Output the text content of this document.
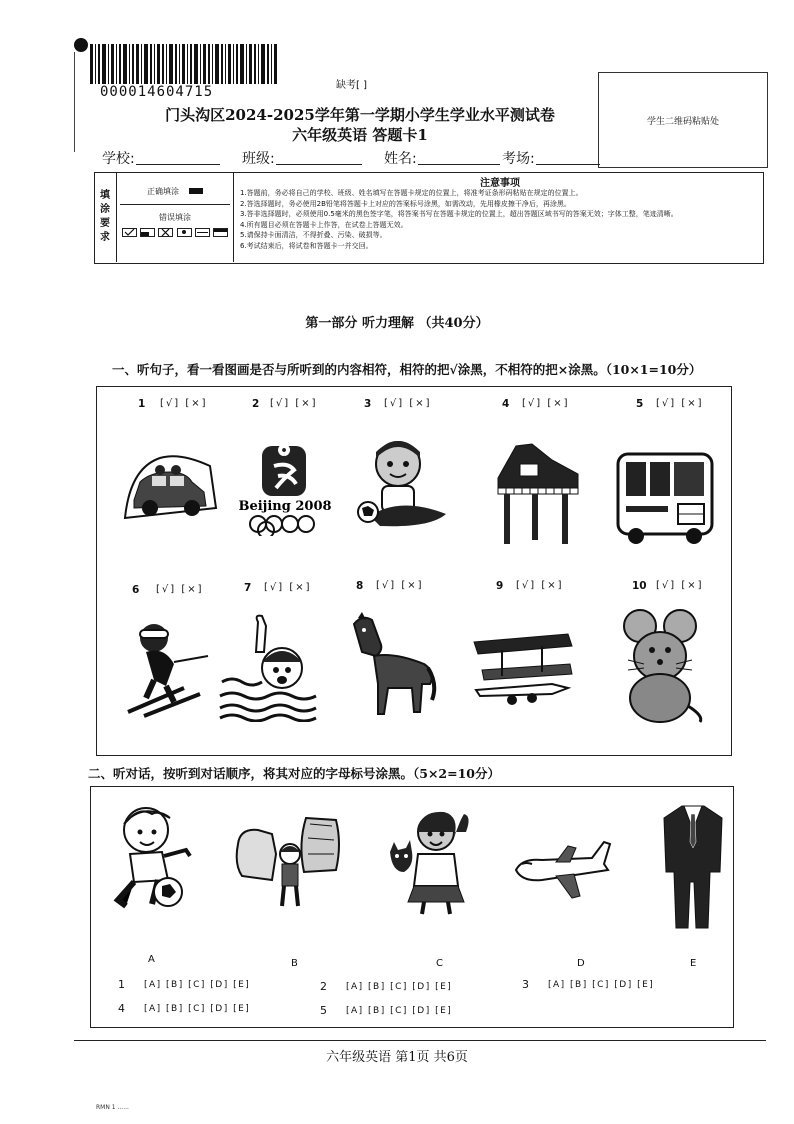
000014604715	缺考[ ]
门头沟区2024-2025学年第一学期小学生学业水平测试卷
六年级英语 答题卡1
学生二维码粘贴处
学校:	班级:	姓名:	考场:
填
涂
要
求
正确填涂
错误填涂
注意事项
1.答题前，务必将自己的学校、班级、姓名填写在答题卡规定的位置上，将准考证条形码粘贴在规定的位置上。
2.答选择题时，务必使用2B铅笔将答题卡上对应的答案标号涂黑，如需改动，先用橡皮擦干净后，再涂黑。
3.答非选择题时，必须使用0.5毫米的黑色签字笔，将答案书写在答题卡规定的位置上，超出答题区域书写的答案无效；字体工整，笔迹清晰。
4.所有题目必须在答题卡上作答，在试卷上答题无效。
5.请保持卡面清洁，不得折叠、污染、破损等。
6.考试结束后，将试卷和答题卡一并交回。
第一部分 听力理解 （共40分）
一、听句子，看一看图画是否与所听到的内容相符，相符的把√涂黑，不相符的把×涂黑。（10×1=10分）
1 [√] [×]	2 [√] [×]	3 [√] [×]	4 [√] [×]	5 [√] [×]
Beijing 2008
6 [√] [×]	7 [√] [×]	8 [√] [×]	9 [√] [×]	10 [√] [×]
二、听对话，按听到对话顺序，将其对应的字母标号涂黑。（5×2=10分）
A	B	C	D	E
1 [A] [B] [C] [D] [E]	2 [A] [B] [C] [D] [E]	3 [A] [B] [C] [D] [E]
4 [A] [B] [C] [D] [E]	5 [A] [B] [C] [D] [E]
六年级英语 第1页 共6页
RMN 1 ......
